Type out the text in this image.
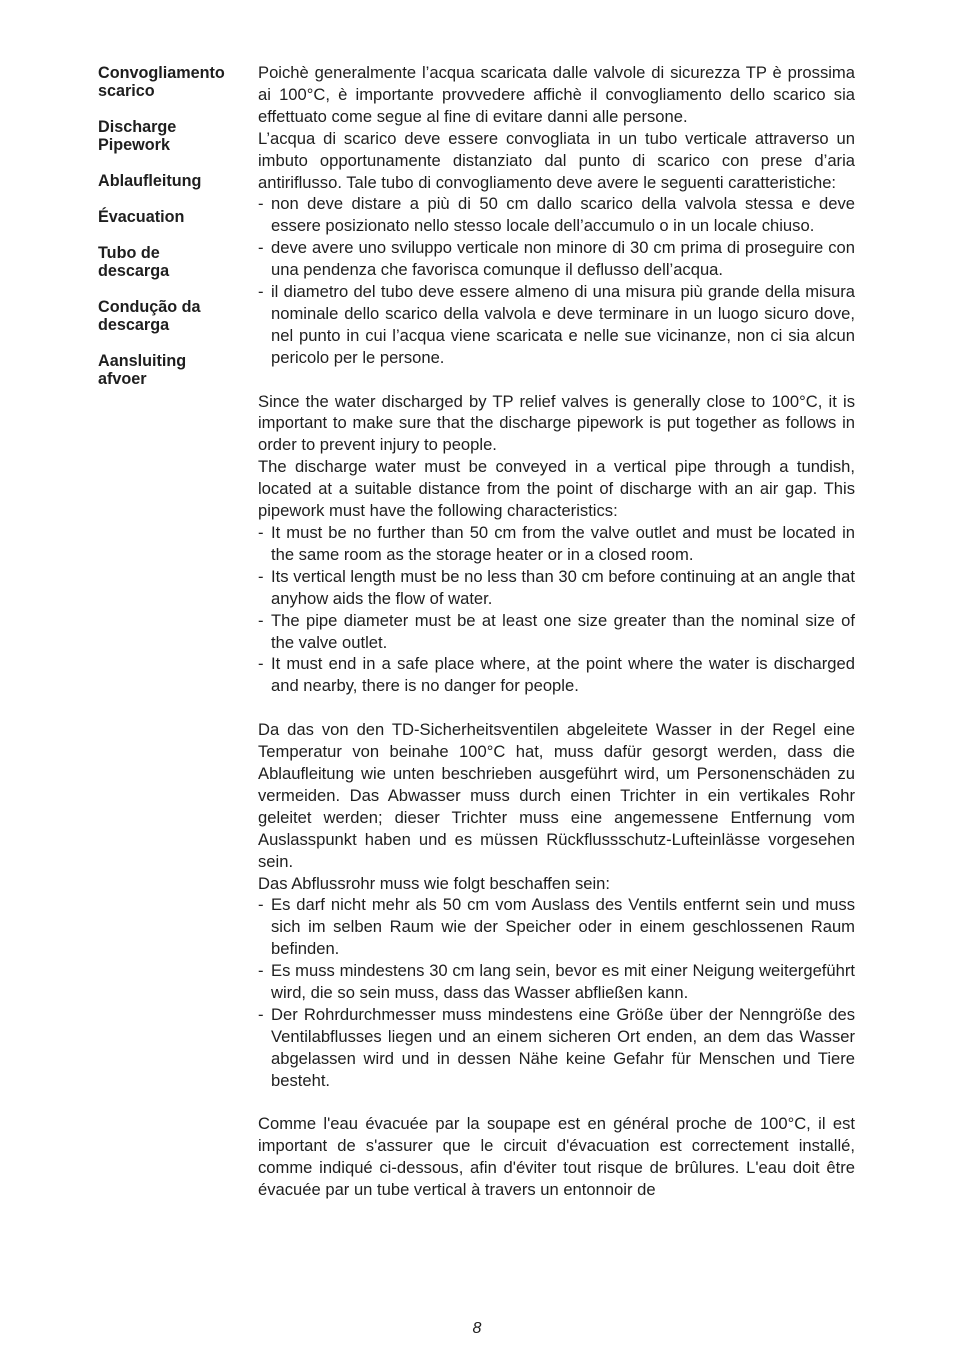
Convogliamento
scarico
Discharge
Pipework
Ablaufleitung
Évacuation
Tubo de
descarga
Condução da
descarga
Aansluiting
afvoer

Poichè generalmente l’acqua scaricata dalle valvole di sicurezza TP è prossima ai 100°C, è importante provvedere affichè il convogliamento dello scarico sia effettuato come segue al fine di evitare danni alle persone.

L’acqua di scarico deve essere convogliata in un tubo verticale attraverso un imbuto opportunamente distanziato dal punto di scarico con prese d’aria antiriflusso. Tale tubo di convogliamento deve avere le seguenti caratteristiche:

- non deve distare a più di 50 cm dallo scarico della valvola stessa e deve essere posizionato nello stesso locale dell’accumulo o in un locale chiuso.

- deve avere uno sviluppo verticale non minore di 30 cm prima di proseguire con una pendenza che favorisca comunque il deflusso dell’acqua.

- il diametro del tubo deve essere almeno di una misura più grande della misura nominale dello scarico della valvola e deve terminare in un luogo sicuro dove, nel punto in cui l’acqua viene scaricata e nelle sue vicinanze, non ci sia alcun pericolo per le persone.

Since the water discharged by TP relief valves is generally close to 100°C, it is important to make sure that the discharge pipework is put together as follows in order to prevent injury to people.

The discharge water must be conveyed in a vertical pipe through a tundish, located at a suitable distance from the point of discharge with an air gap. This pipework must have the following characteristics:

- It must be no further than 50 cm from the valve outlet and must be located in the same room as the storage heater or in a closed room.

- Its vertical length must be no less than 30 cm before continuing at an angle that anyhow aids the flow of water.

- The pipe diameter must be at least one size greater than the nominal size of the valve outlet.

- It must end in a safe place where, at the point where the water is discharged and nearby, there is no danger for people.

Da das von den TD-Sicherheitsventilen abgeleitete Wasser in der Regel eine Temperatur von beinahe 100°C hat, muss dafür gesorgt werden, dass die Ablaufleitung wie unten beschrieben ausgeführt wird, um Personenschäden zu vermeiden. Das Abwasser muss durch einen Trichter in ein vertikales Rohr geleitet werden; dieser Trichter muss eine angemessene Entfernung vom Auslasspunkt haben und es müssen Rückflussschutz-Lufteinlässe vorgesehen sein.

Das Abflussrohr muss wie folgt beschaffen sein:

- Es darf nicht mehr als 50 cm vom Auslass des Ventils entfernt sein und muss sich im selben Raum wie der Speicher oder in einem geschlossenen Raum befinden.

- Es muss mindestens 30 cm lang sein, bevor es mit einer Neigung weitergeführt wird, die so sein muss, dass das Wasser abfließen kann.

- Der Rohrdurchmesser muss mindestens eine Größe über der Nenngröße des Ventilabflusses liegen und an einem sicheren Ort enden, an dem das Wasser abgelassen wird und in dessen Nähe keine Gefahr für Menschen und Tiere besteht.

Comme l'eau évacuée par la soupape est en général proche de 100°C, il est important de s'assurer que le circuit d'évacuation est correctement installé, comme indiqué ci-dessous, afin d'éviter tout risque de brûlures. L'eau doit être évacuée par un tube vertical à travers un entonnoir de

8
